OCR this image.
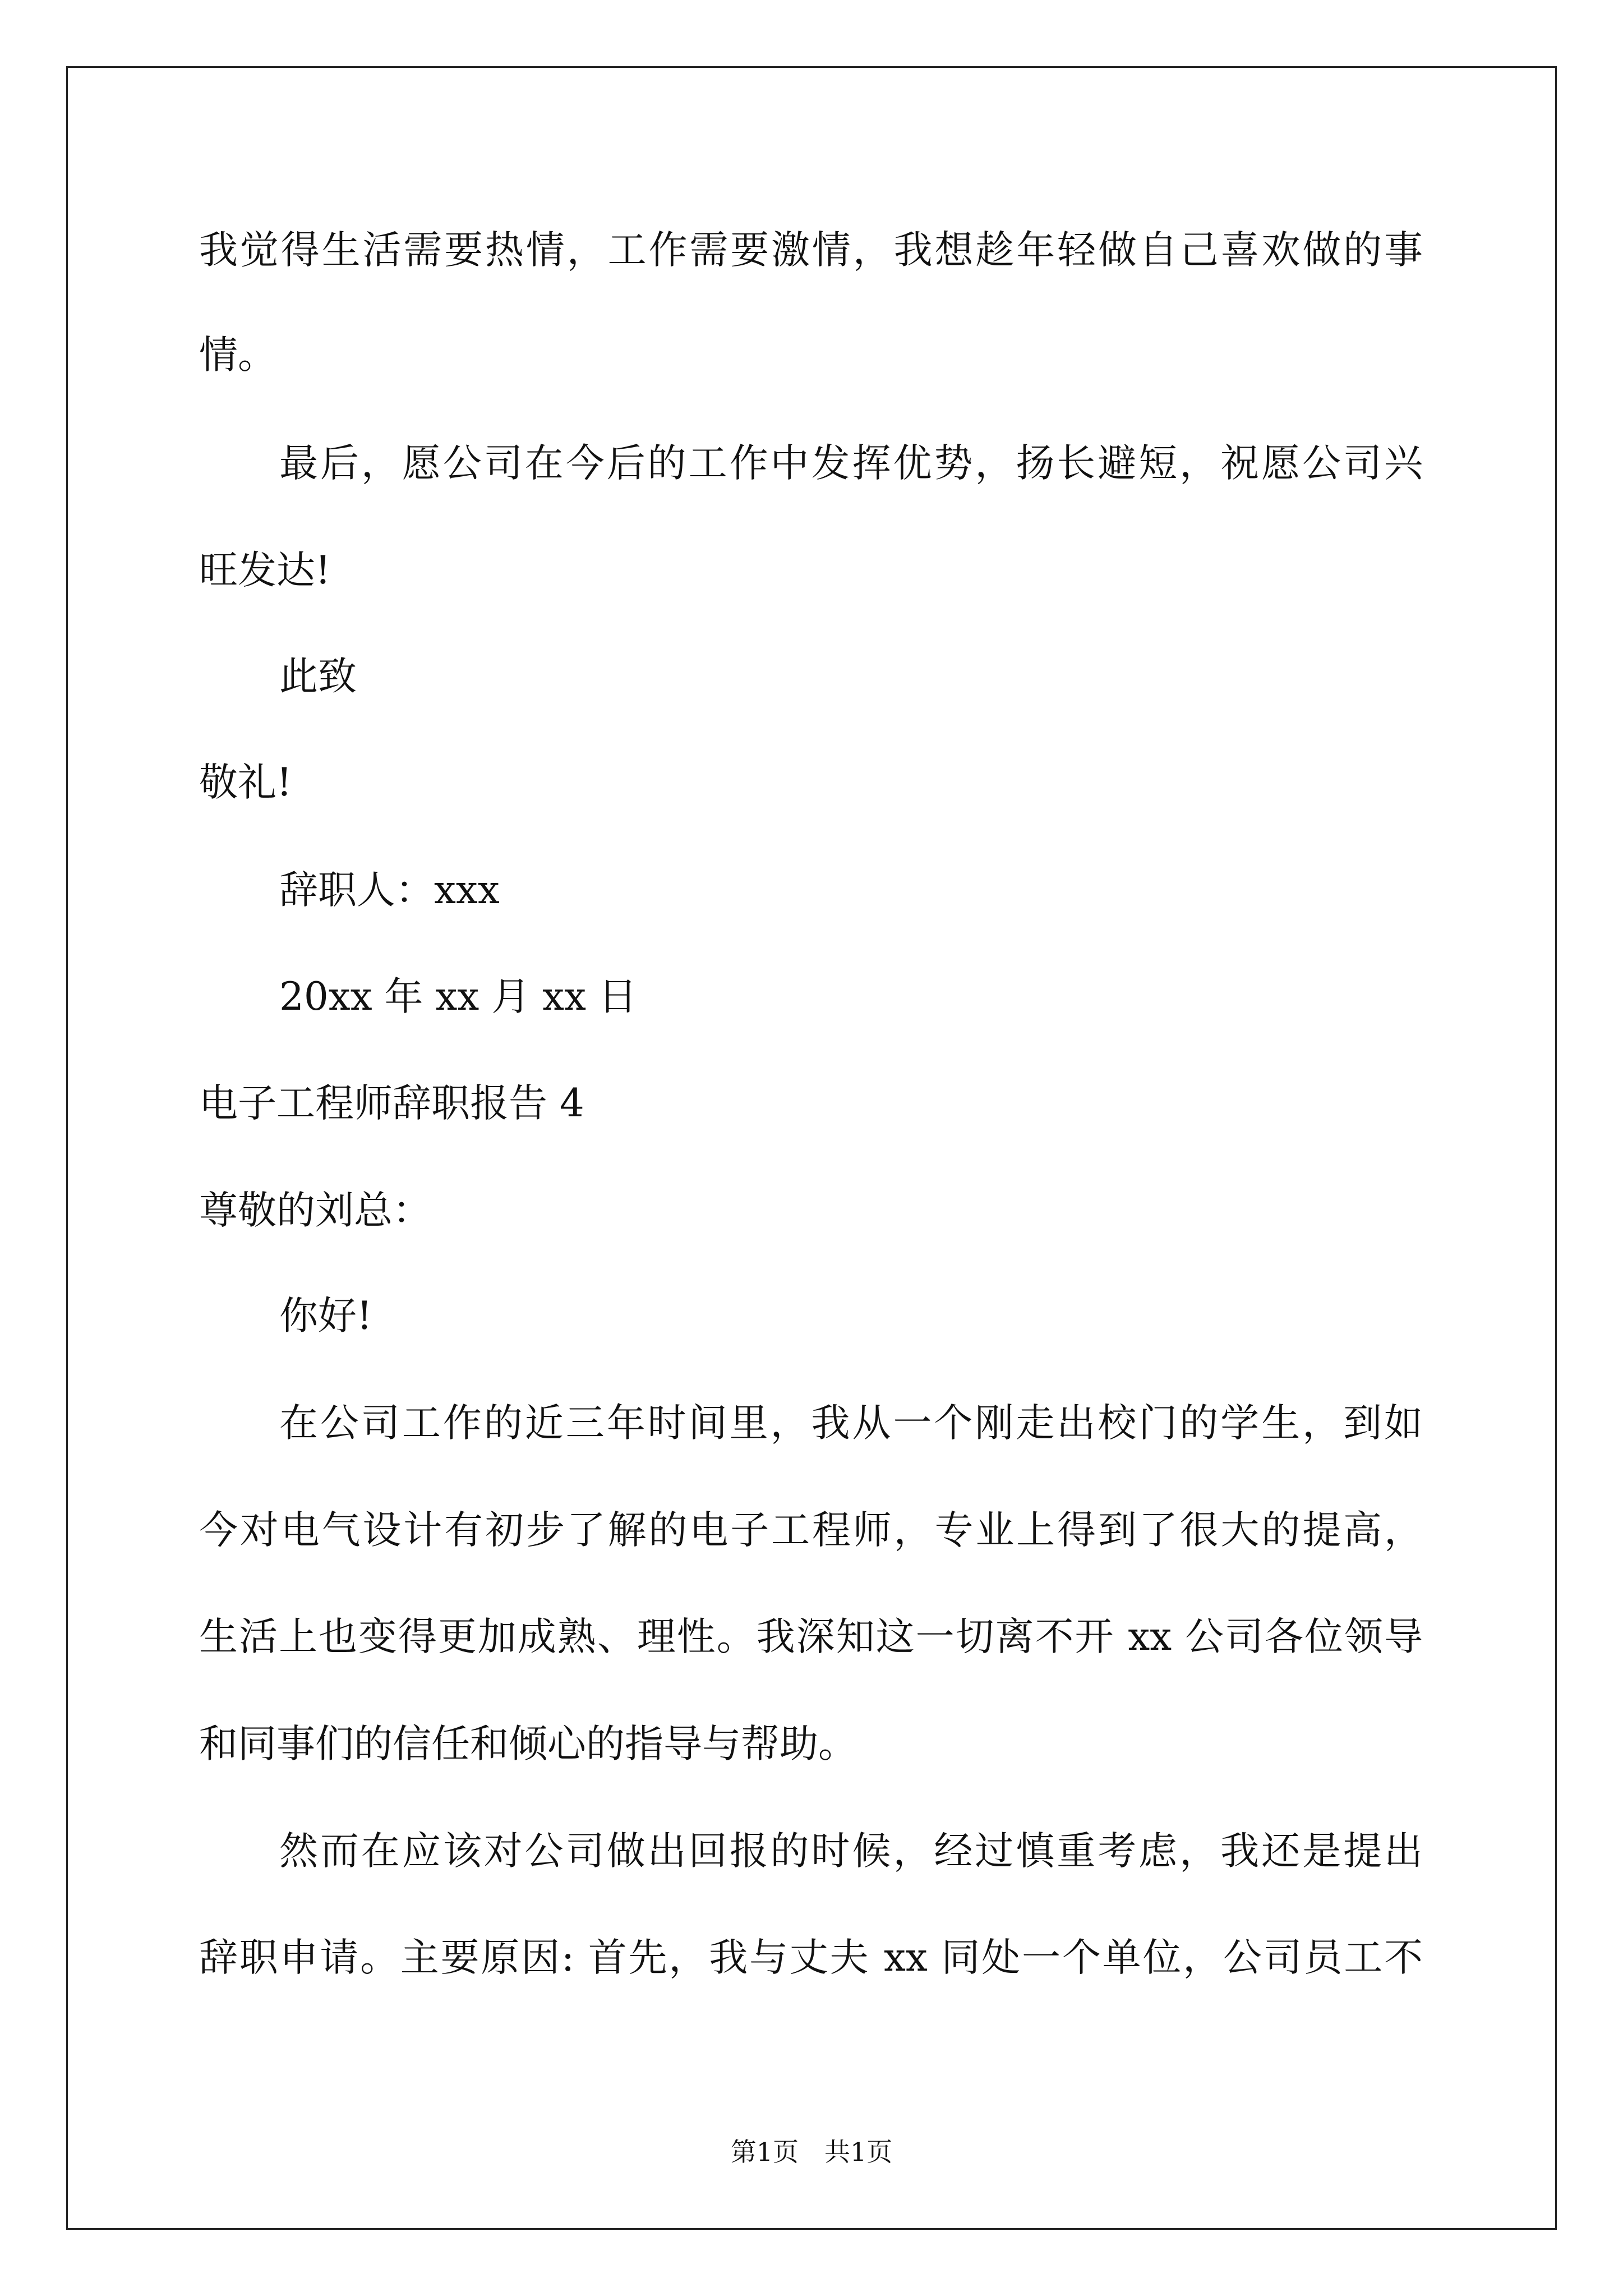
我觉得生活需要热情，工作需要激情，我想趁年轻做自己喜欢做的事
情。
最后，愿公司在今后的工作中发挥优势，扬长避短，祝愿公司兴
旺发达!
此致
敬礼!
辞职人：xxx
20xx 年 xx 月 xx 日
电子工程师辞职报告 4
尊敬的刘总：
你好!
在公司工作的近三年时间里，我从一个刚走出校门的学生，到如
今对电气设计有初步了解的电子工程师，专业上得到了很大的提高，
生活上也变得更加成熟、理性。我深知这一切离不开 xx 公司各位领导
和同事们的信任和倾心的指导与帮助。
然而在应该对公司做出回报的时候，经过慎重考虑，我还是提出
辞职申请。主要原因: 首先，我与丈夫 xx 同处一个单位，公司员工不
第1页　共1页
